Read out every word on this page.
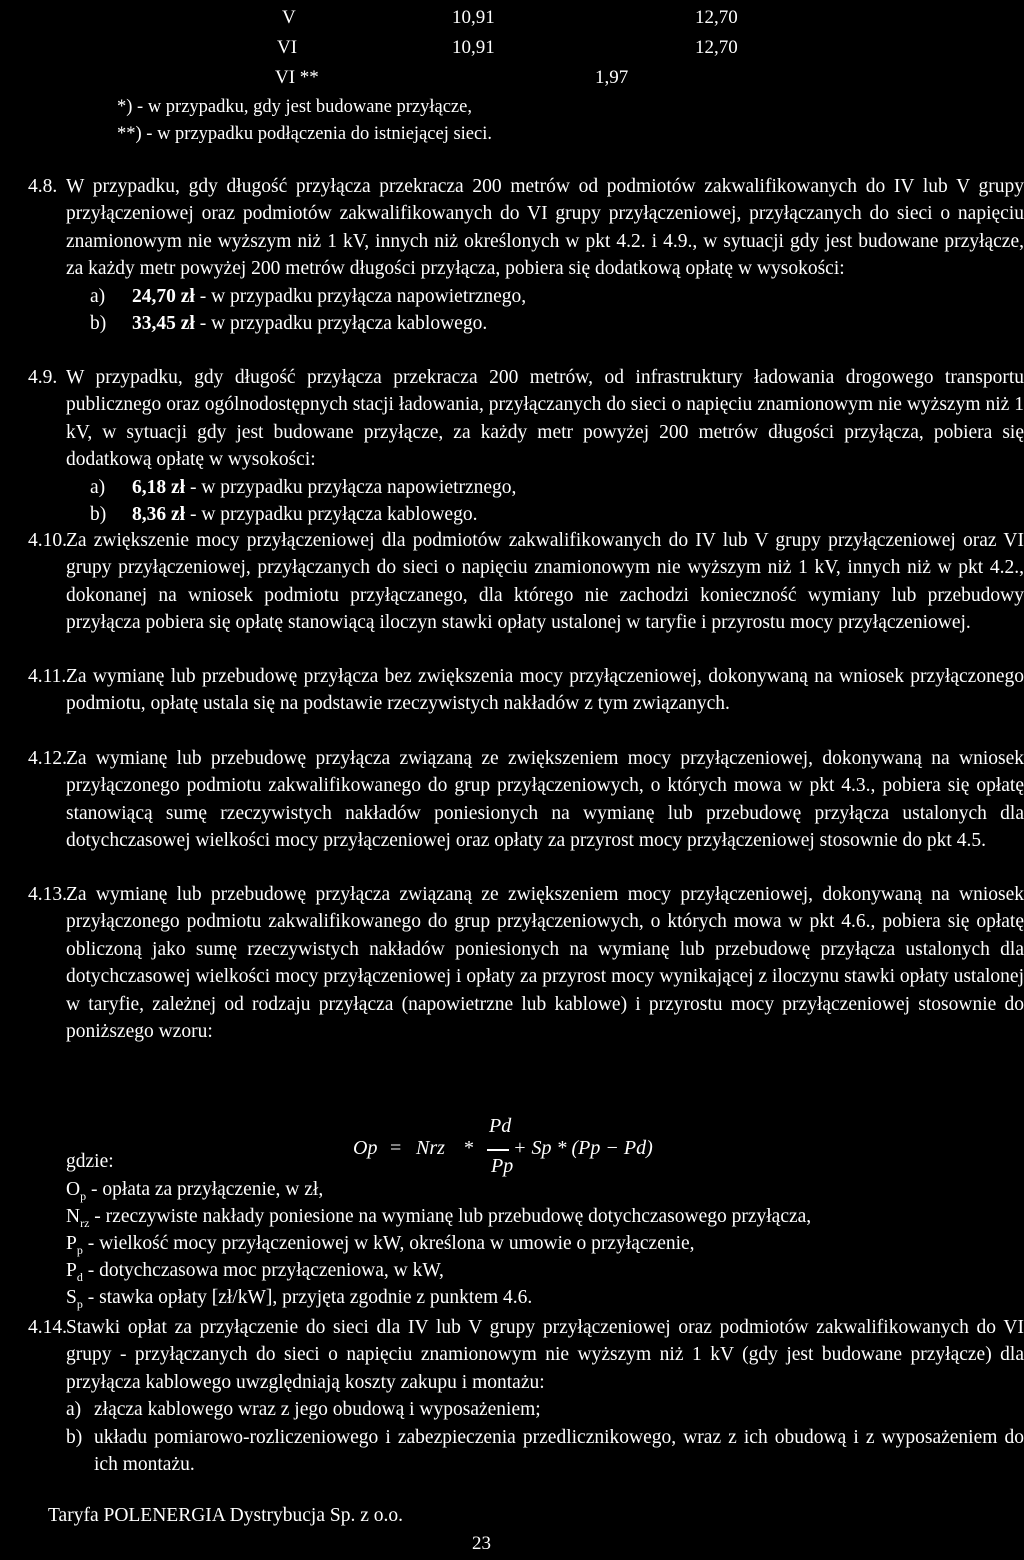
V	10,91	12,70
VI	10,91	12,70
VI **	1,97
*) - w przypadku, gdy jest budowane przyłącze,
**) - w przypadku podłączenia do istniejącej sieci.
4.8. W przypadku, gdy długość przyłącza przekracza 200 metrów od podmiotów zakwalifikowanych do IV lub V grupy przyłączeniowej oraz podmiotów zakwalifikowanych do VI grupy przyłączeniowej, przyłączanych do sieci o napięciu znamionowym nie wyższym niż 1 kV, innych niż określonych w pkt 4.2. i 4.9., w sytuacji gdy jest budowane przyłącze, za każdy metr powyżej 200 metrów długości przyłącza, pobiera się dodatkową opłatę w wysokości:
a) 24,70 zł - w przypadku przyłącza napowietrznego,
b) 33,45 zł - w przypadku przyłącza kablowego.
4.9. W przypadku, gdy długość przyłącza przekracza 200 metrów, od infrastruktury ładowania drogowego transportu publicznego oraz ogólnodostępnych stacji ładowania, przyłączanych do sieci o napięciu znamionowym nie wyższym niż 1 kV, w sytuacji gdy jest budowane przyłącze, za każdy metr powyżej 200 metrów długości przyłącza, pobiera się dodatkową opłatę w wysokości:
a) 6,18 zł - w przypadku przyłącza napowietrznego,
b) 8,36 zł - w przypadku przyłącza kablowego.
4.10. Za zwiększenie mocy przyłączeniowej dla podmiotów zakwalifikowanych do IV lub V grupy przyłączeniowej oraz VI grupy przyłączeniowej, przyłączanych do sieci o napięciu znamionowym nie wyższym niż 1 kV, innych niż w pkt 4.2., dokonanej na wniosek podmiotu przyłączanego, dla którego nie zachodzi konieczność wymiany lub przebudowy przyłącza pobiera się opłatę stanowiącą iloczyn stawki opłaty ustalonej w taryfie i przyrostu mocy przyłączeniowej.
4.11. Za wymianę lub przebudowę przyłącza bez zwiększenia mocy przyłączeniowej, dokonywaną na wniosek przyłączonego podmiotu, opłatę ustala się na podstawie rzeczywistych nakładów z tym związanych.
4.12. Za wymianę lub przebudowę przyłącza związaną ze zwiększeniem mocy przyłączeniowej, dokonywaną na wniosek przyłączonego podmiotu zakwalifikowanego do grup przyłączeniowych, o których mowa w pkt 4.3., pobiera się opłatę stanowiącą sumę rzeczywistych nakładów poniesionych na wymianę lub przebudowę przyłącza ustalonych dla dotychczasowej wielkości mocy przyłączeniowej oraz opłaty za przyrost mocy przyłączeniowej stosownie do pkt 4.5.
4.13. Za wymianę lub przebudowę przyłącza związaną ze zwiększeniem mocy przyłączeniowej, dokonywaną na wniosek przyłączonego podmiotu zakwalifikowanego do grup przyłączeniowych, o których mowa w pkt 4.6., pobiera się opłatę obliczoną jako sumę rzeczywistych nakładów poniesionych na wymianę lub przebudowę przyłącza ustalonych dla dotychczasowej wielkości mocy przyłączeniowej i opłaty za przyrost mocy wynikającej z iloczynu stawki opłaty ustalonej w taryfie, zależnej od rodzaju przyłącza (napowietrzne lub kablowe) i przyrostu mocy przyłączeniowej stosownie do poniższego wzoru:
Op = Nrz *
Pd
Pp
+ Sp * (Pp − Pd)
gdzie:
$O_p$ - opłata za przyłączenie, w zł,
$N_{rz}$ - rzeczywiste nakłady poniesione na wymianę lub przebudowę dotychczasowego przyłącza,
$P_p$ - wielkość mocy przyłączeniowej w kW, określona w umowie o przyłączenie,
$P_d$ - dotychczasowa moc przyłączeniowa, w kW,
$S_p$ - stawka opłaty [zł/kW], przyjęta zgodnie z punktem 4.6.
4.14. Stawki opłat za przyłączenie do sieci dla IV lub V grupy przyłączeniowej oraz podmiotów zakwalifikowanych do VI grupy - przyłączanych do sieci o napięciu znamionowym nie wyższym niż 1 kV (gdy jest budowane przyłącze) dla przyłącza kablowego uwzględniają koszty zakupu i montażu:
a) złącza kablowego wraz z jego obudową i wyposażeniem;
b) układu pomiarowo-rozliczeniowego i zabezpieczenia przedlicznikowego, wraz z ich obudową i z wyposażeniem do ich montażu.
Taryfa POLENERGIA Dystrybucja Sp. z o.o.
23
